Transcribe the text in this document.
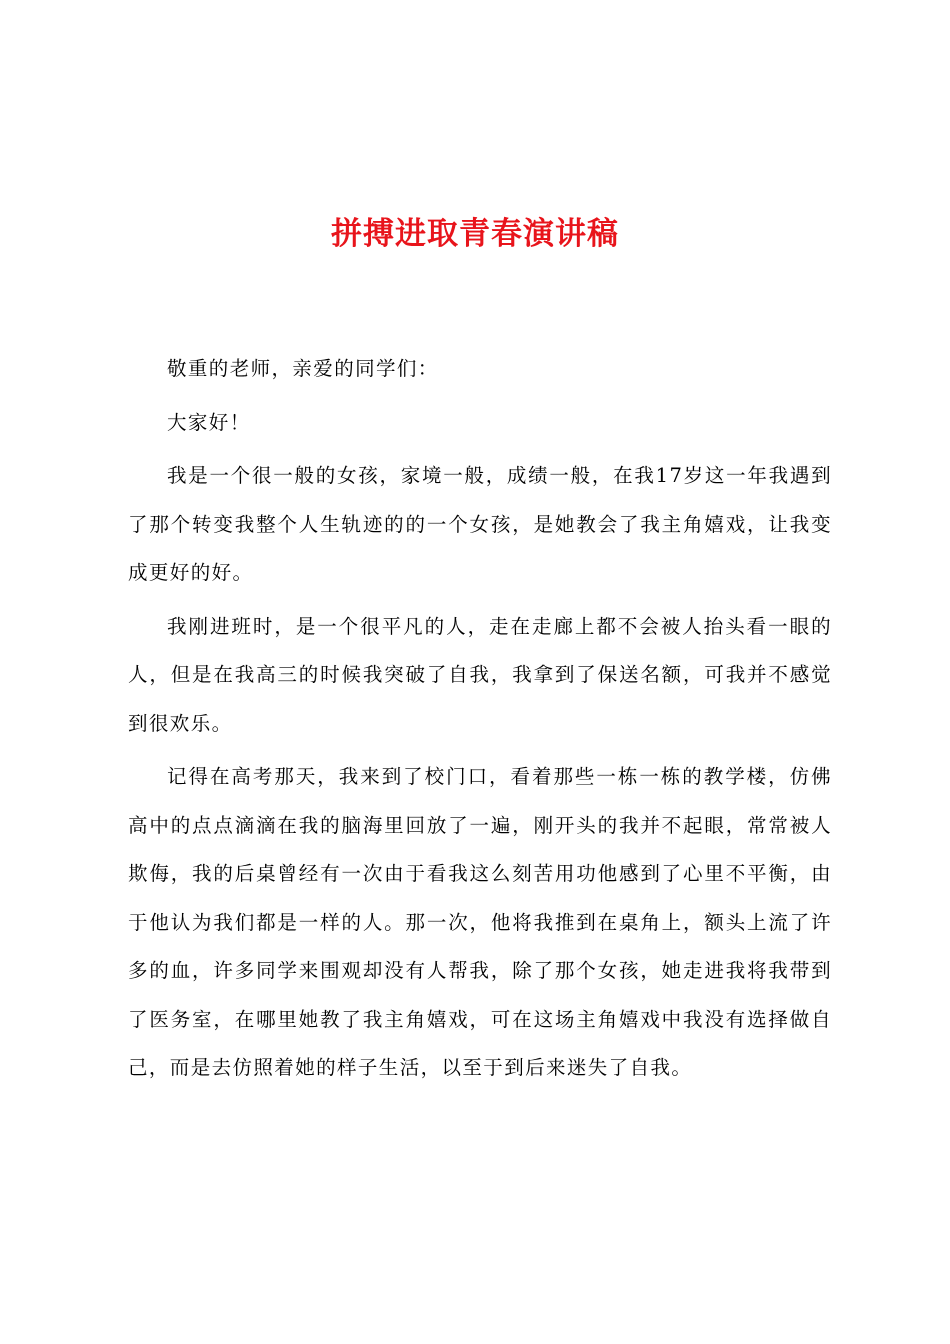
拼搏进取青春演讲稿

敬重的老师，亲爱的同学们：

大家好！

我是一个很一般的女孩，家境一般，成绩一般，在我17岁这一年我遇到了那个转变我整个人生轨迹的的一个女孩，是她教会了我主角嬉戏，让我变成更好的好。

我刚进班时，是一个很平凡的人，走在走廊上都不会被人抬头看一眼的人，但是在我高三的时候我突破了自我，我拿到了保送名额，可我并不感觉到很欢乐。

记得在高考那天，我来到了校门口，看着那些一栋一栋的教学楼，仿佛高中的点点滴滴在我的脑海里回放了一遍，刚开头的我并不起眼，常常被人欺侮，我的后桌曾经有一次由于看我这么刻苦用功他感到了心里不平衡，由于他认为我们都是一样的人。那一次，他将我推到在桌角上，额头上流了许多的血，许多同学来围观却没有人帮我，除了那个女孩，她走进我将我带到了医务室，在哪里她教了我主角嬉戏，可在这场主角嬉戏中我没有选择做自己，而是去仿照着她的样子生活，以至于到后来迷失了自我。
